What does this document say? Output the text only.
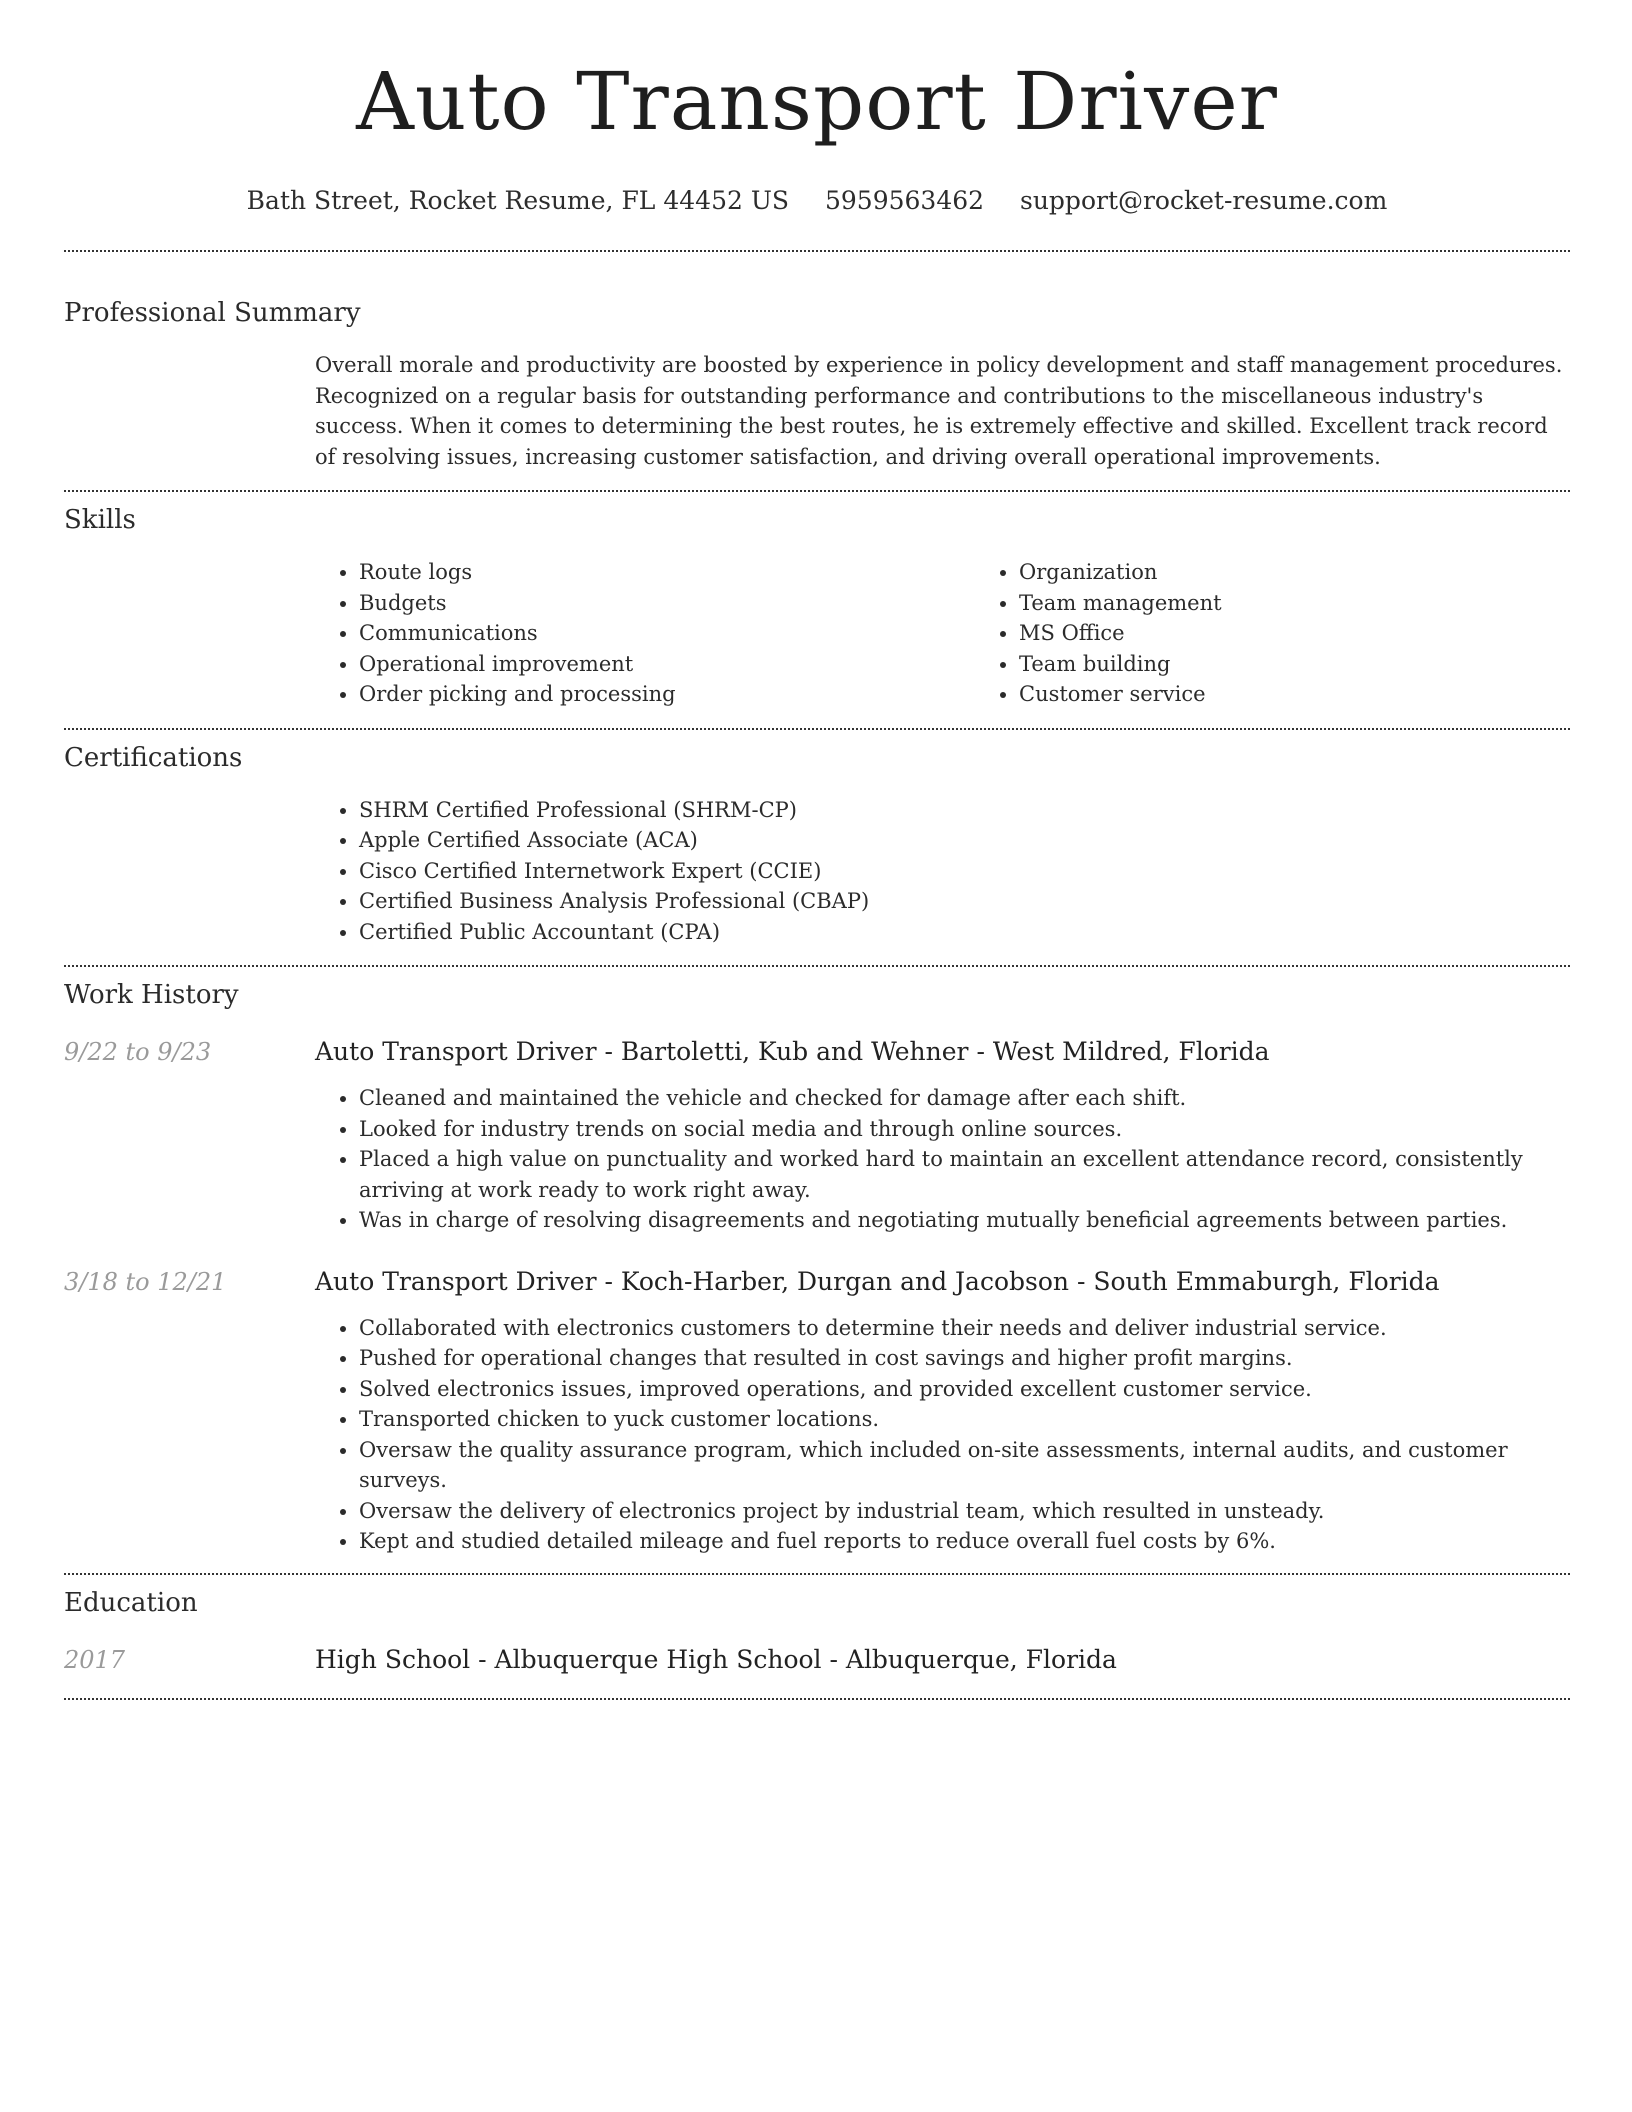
Auto Transport Driver
Bath Street, Rocket Resume, FL 44452 US 5959563462 support@rocket-resume.com
Professional Summary

Overall morale and productivity are boosted by experience in policy development and staff management procedures. Recognized on a regular basis for outstanding performance and contributions to the miscellaneous industry's success. When it comes to determining the best routes, he is extremely effective and skilled. Excellent track record of resolving issues, increasing customer satisfaction, and driving overall operational improvements.

Skills
• Route logs
• Budgets
• Communications
• Operational improvement
• Order picking and processing
• Organization
• Team management
• MS Office
• Team building
• Customer service
Certifications
• SHRM Certified Professional (SHRM-CP)
• Apple Certified Associate (ACA)
• Cisco Certified Internetwork Expert (CCIE)
• Certified Business Analysis Professional (CBAP)
• Certified Public Accountant (CPA)
Work History
9/22 to 9/23	Auto Transport Driver - Bartoletti, Kub and Wehner - West Mildred, Florida
• Cleaned and maintained the vehicle and checked for damage after each shift.
• Looked for industry trends on social media and through online sources.
• Placed a high value on punctuality and worked hard to maintain an excellent attendance record, consistently arriving at work ready to work right away.
• Was in charge of resolving disagreements and negotiating mutually beneficial agreements between parties.
3/18 to 12/21	Auto Transport Driver - Koch-Harber, Durgan and Jacobson - South Emmaburgh, Florida
• Collaborated with electronics customers to determine their needs and deliver industrial service.
• Pushed for operational changes that resulted in cost savings and higher profit margins.
• Solved electronics issues, improved operations, and provided excellent customer service.
• Transported chicken to yuck customer locations.
• Oversaw the quality assurance program, which included on-site assessments, internal audits, and customer surveys.
• Oversaw the delivery of electronics project by industrial team, which resulted in unsteady.
• Kept and studied detailed mileage and fuel reports to reduce overall fuel costs by 6%.
Education
2017	High School - Albuquerque High School - Albuquerque, Florida
